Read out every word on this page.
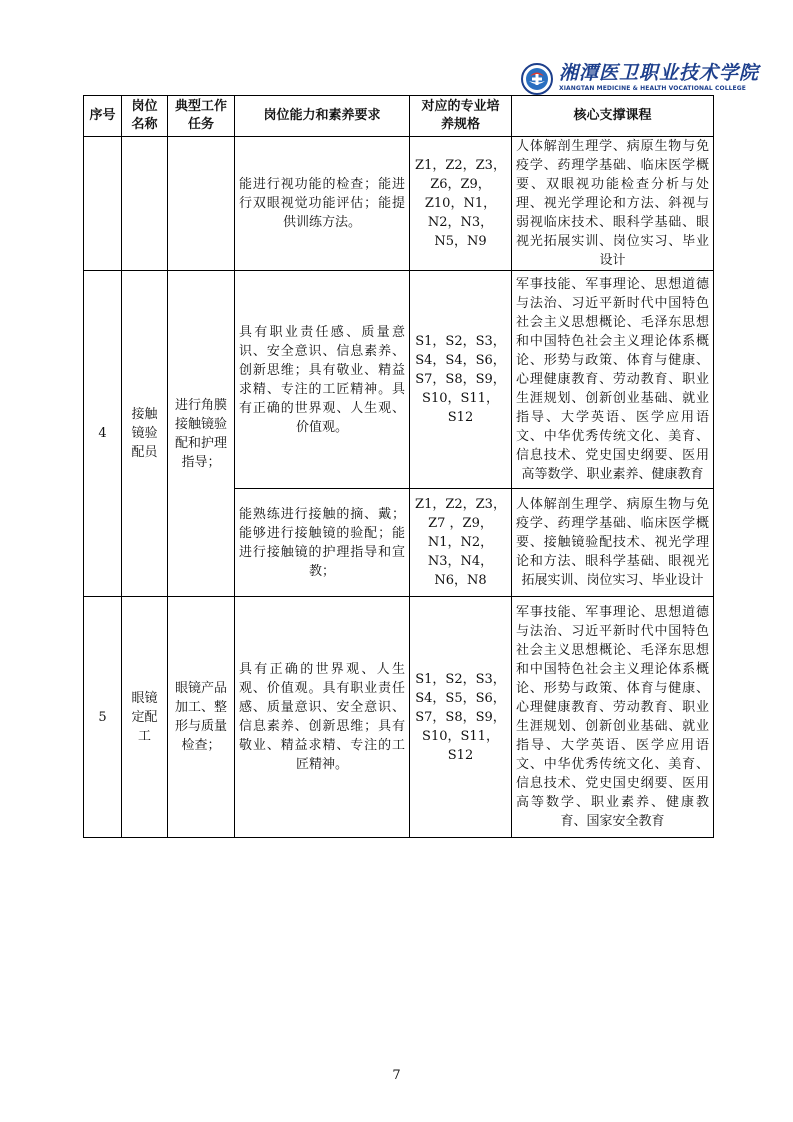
湘潭医卫职业技术学院
XIANGTAN MEDICINE & HEALTH VOCATIONAL COLLEGE
序号	岗位名称	典型工作任务	岗位能力和素养要求	对应的专业培养规格	核心支撑课程

			能进行视功能的检查；能进行双眼视觉功能评估；能提供训练方法。	Z1，Z2，Z3，Z6，Z9，Z10，N1，N2，N3，N5，N9	人体解剖生理学、病原生物与免疫学、药理学基础、临床医学概要、双眼视功能检查分析与处理、视光学理论和方法、斜视与弱视临床技术、眼科学基础、眼视光拓展实训、岗位实习、毕业设计

4	接触镜验配员	进行角膜接触镜验配和护理指导；	具有职业责任感、质量意识、安全意识、信息素养、创新思维；具有敬业、精益求精、专注的工匠精神。具有正确的世界观、人生观、价值观。	S1，S2，S3，S4，S4，S6，S7，S8，S9，S10，S11，S12	军事技能、军事理论、思想道德与法治、习近平新时代中国特色社会主义思想概论、毛泽东思想和中国特色社会主义理论体系概论、形势与政策、体育与健康、心理健康教育、劳动教育、职业生涯规划、创新创业基础、就业指导、大学英语、医学应用语文、中华优秀传统文化、美育、信息技术、党史国史纲要、医用高等数学、职业素养、健康教育

			能熟练进行接触的摘、戴；能够进行接触镜的验配；能进行接触镜的护理指导和宣教；	Z1，Z2，Z3，Z7 ，Z9，N1，N2，N3，N4，N6，N8	人体解剖生理学、病原生物与免疫学、药理学基础、临床医学概要、接触镜验配技术、视光学理论和方法、眼科学基础、眼视光拓展实训、岗位实习、毕业设计

5	眼镜定配工	眼镜产品加工、整形与质量检查；	具有正确的世界观、人生观、价值观。具有职业责任感、质量意识、安全意识、信息素养、创新思维；具有敬业、精益求精、专注的工匠精神。	S1，S2，S3，S4，S5，S6，S7，S8，S9，S10，S11，S12	军事技能、军事理论、思想道德与法治、习近平新时代中国特色社会主义思想概论、毛泽东思想和中国特色社会主义理论体系概论、形势与政策、体育与健康、心理健康教育、劳动教育、职业生涯规划、创新创业基础、就业指导、大学英语、医学应用语文、中华优秀传统文化、美育、信息技术、党史国史纲要、医用高等数学、职业素养、健康教育、国家安全教育
7
